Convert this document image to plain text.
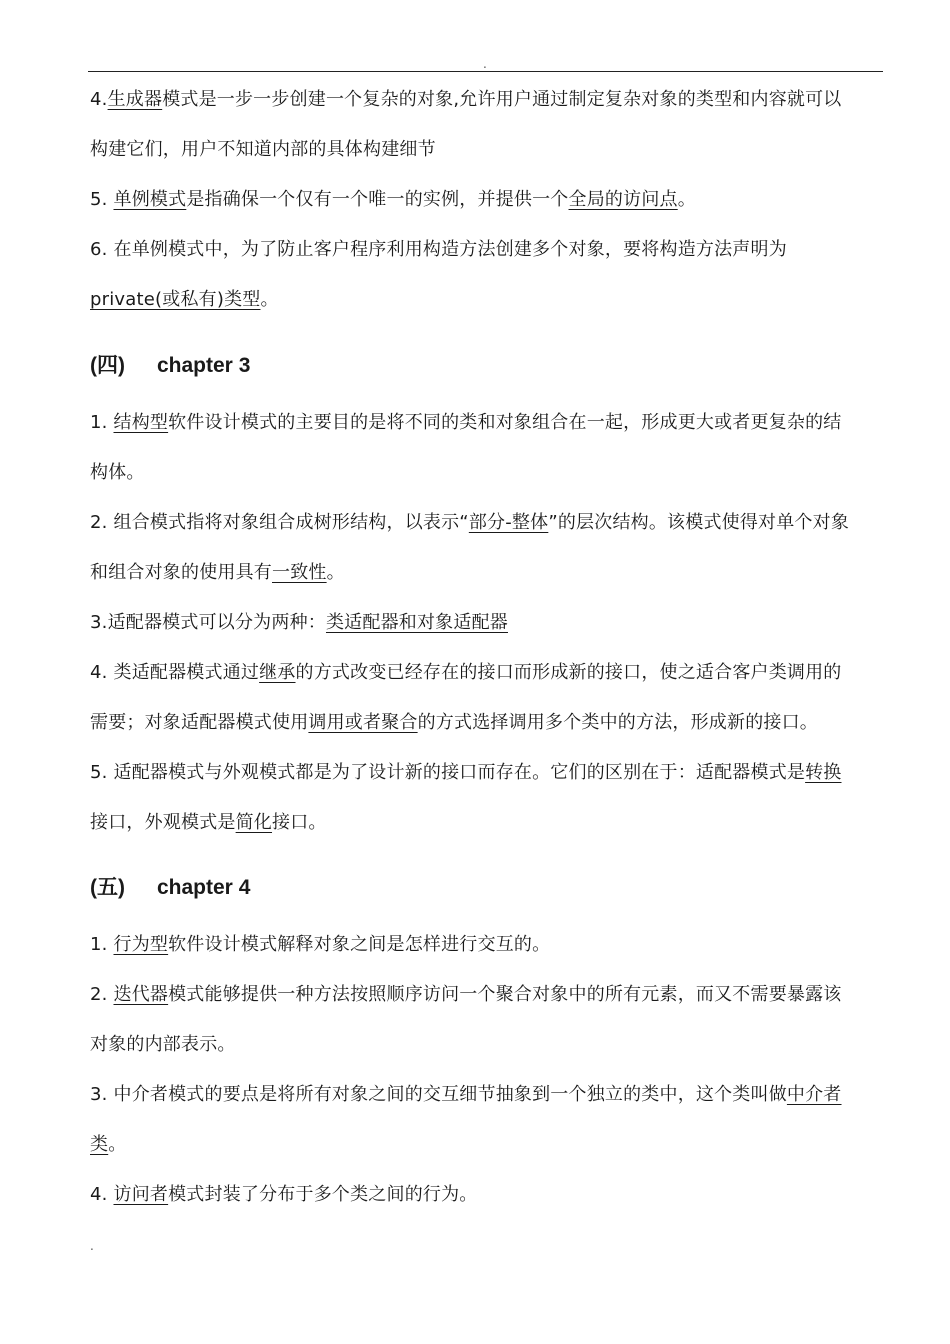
.
4.生成器模式是一步一步创建一个复杂的对象,允许用户通过制定复杂对象的类型和内容就可以
构建它们，用户不知道内部的具体构建细节
5. 单例模式是指确保一个仅有一个唯一的实例，并提供一个全局的访问点。
6. 在单例模式中，为了防止客户程序利用构造方法创建多个对象，要将构造方法声明为
private(或私有)类型。
(四) chapter 3
1. 结构型软件设计模式的主要目的是将不同的类和对象组合在一起，形成更大或者更复杂的结
构体。
2. 组合模式指将对象组合成树形结构，以表示“部分-整体”的层次结构。该模式使得对单个对象
和组合对象的使用具有一致性。
3.适配器模式可以分为两种：类适配器和对象适配器
4. 类适配器模式通过继承的方式改变已经存在的接口而形成新的接口，使之适合客户类调用的
需要；对象适配器模式使用调用或者聚合的方式选择调用多个类中的方法，形成新的接口。
5. 适配器模式与外观模式都是为了设计新的接口而存在。它们的区别在于：适配器模式是转换
接口，外观模式是简化接口。
(五) chapter 4
1. 行为型软件设计模式解释对象之间是怎样进行交互的。
2. 迭代器模式能够提供一种方法按照顺序访问一个聚合对象中的所有元素，而又不需要暴露该
对象的内部表示。
3. 中介者模式的要点是将所有对象之间的交互细节抽象到一个独立的类中，这个类叫做中介者
类。
4. 访问者模式封装了分布于多个类之间的行为。
.
